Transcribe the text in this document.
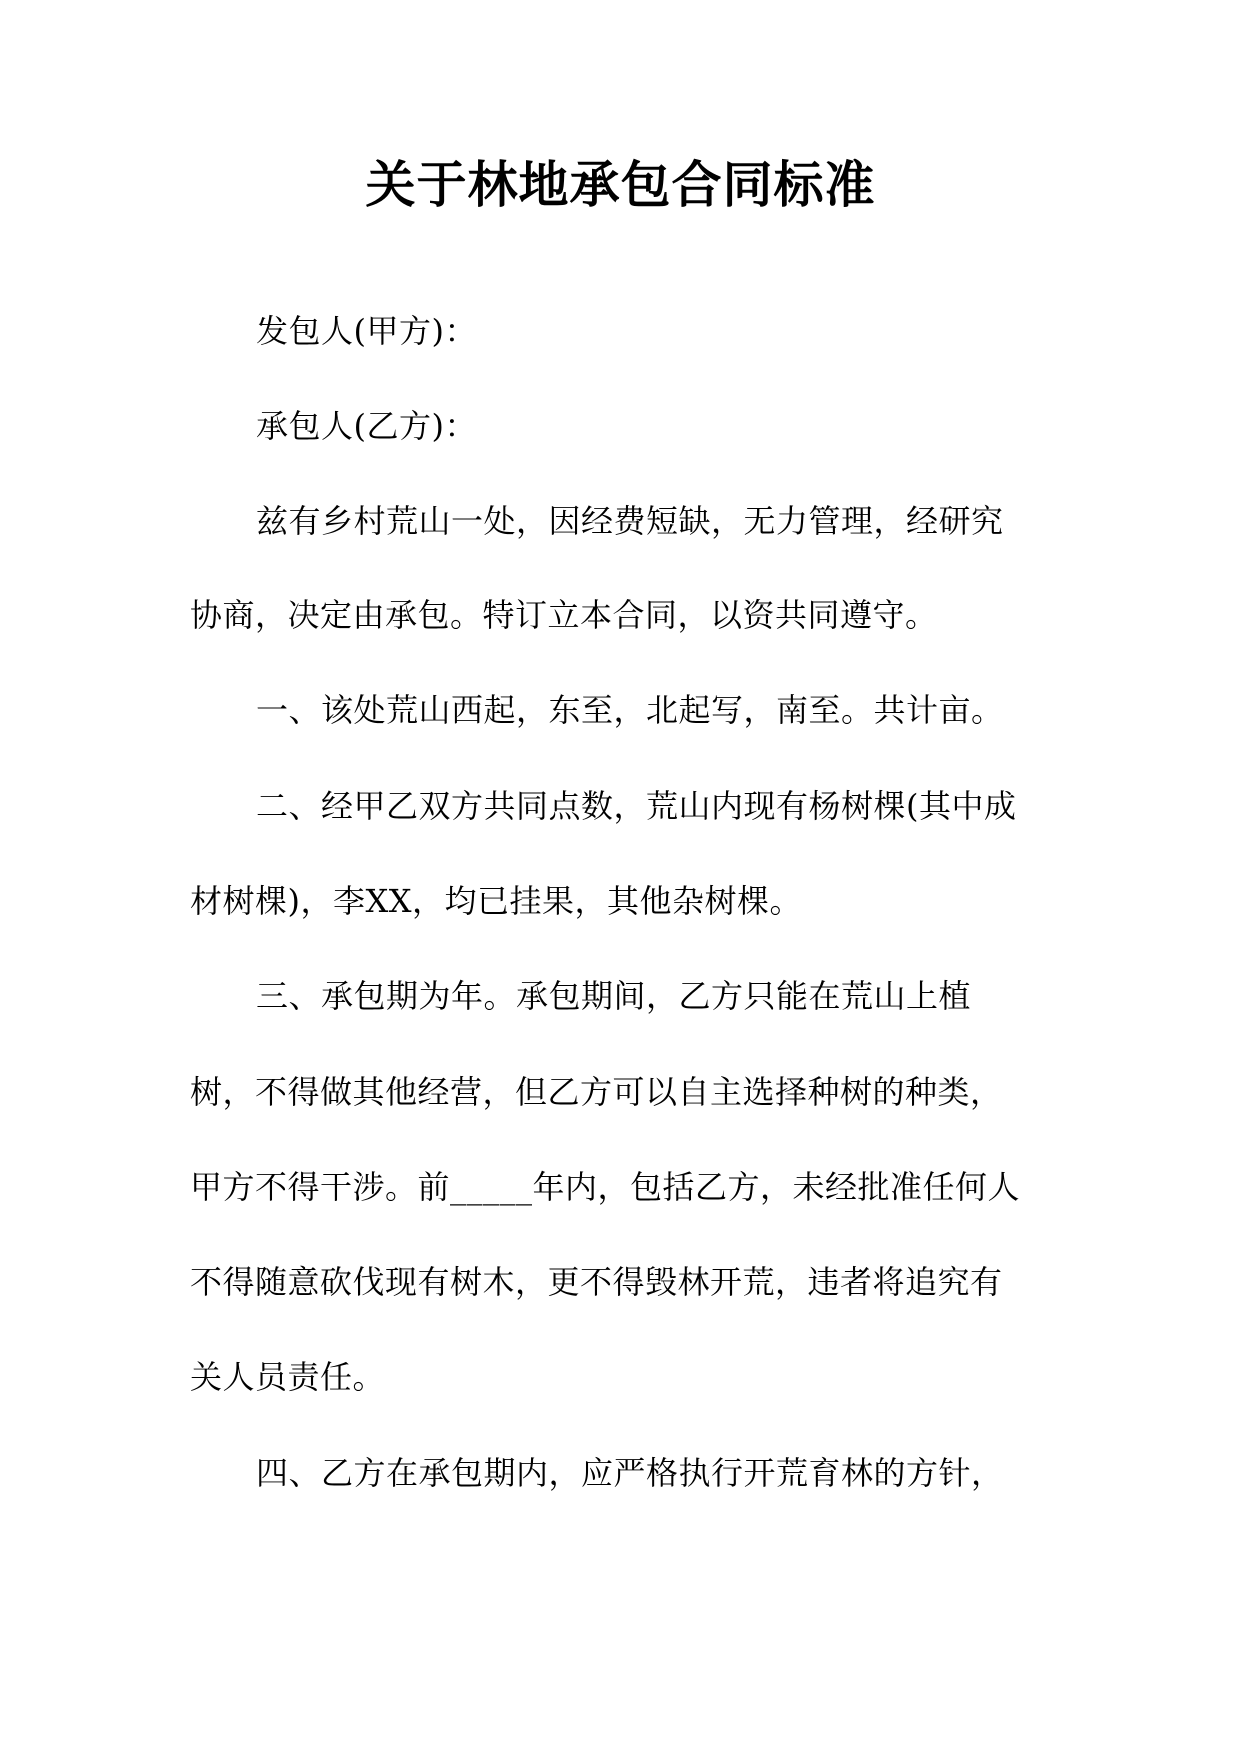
关于林地承包合同标准
发包人(甲方)：
承包人(乙方)：
兹有乡村荒山一处，因经费短缺，无力管理，经研究
协商，决定由承包。特订立本合同，以资共同遵守。
一、该处荒山西起，东至，北起写，南至。共计亩。
二、经甲乙双方共同点数，荒山内现有杨树棵(其中成
材树棵)，李XX，均已挂果，其他杂树棵。
三、承包期为年。承包期间，乙方只能在荒山上植
树，不得做其他经营，但乙方可以自主选择种树的种类，
甲方不得干涉。前_____年内，包括乙方，未经批准任何人
不得随意砍伐现有树木，更不得毁林开荒，违者将追究有
关人员责任。
四、乙方在承包期内，应严格执行开荒育林的方针，
